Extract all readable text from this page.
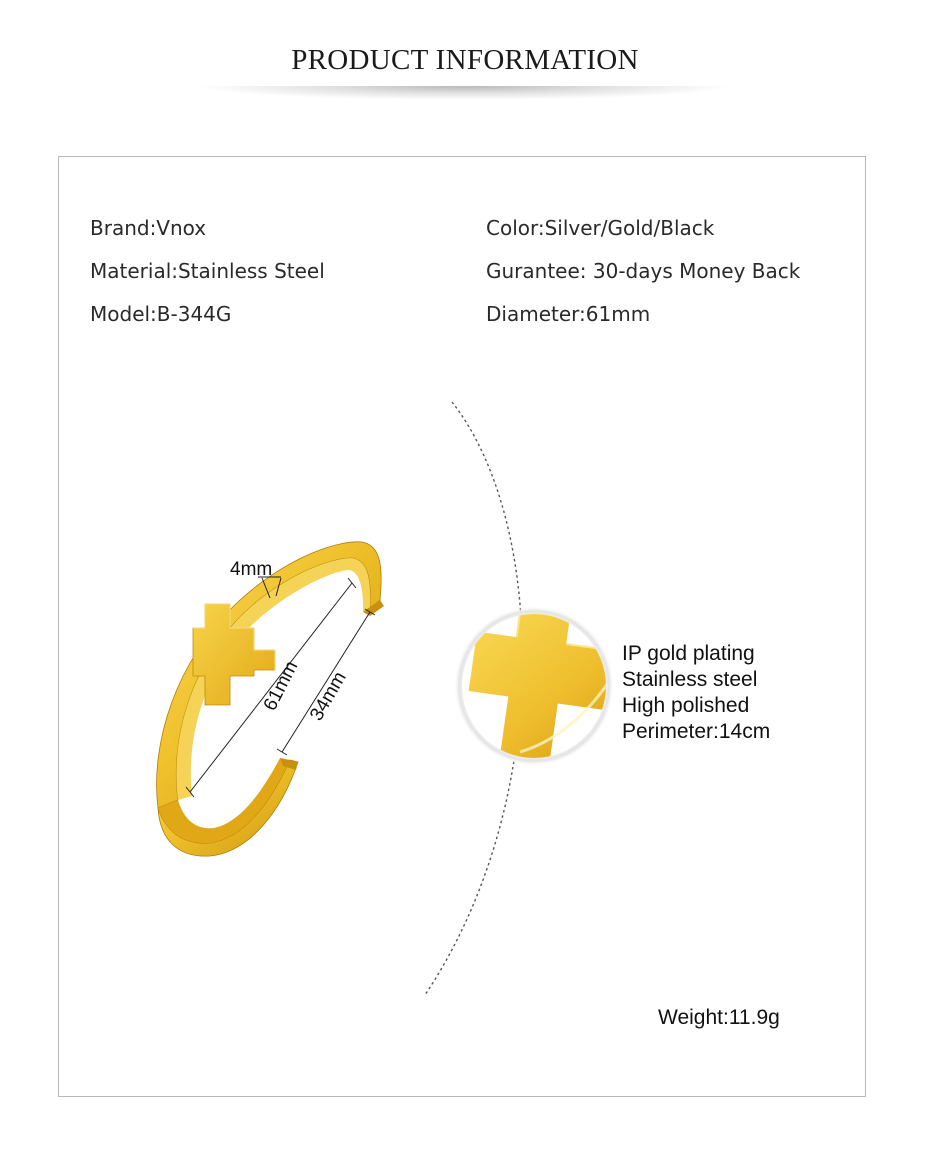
PRODUCT INFORMATION
Brand:Vnox
Material:Stainless Steel
Model:B-344G
Color:Silver/Gold/Black
Gurantee: 30-days Money Back
Diameter:61mm
4mm
61mm 34mm
IP gold plating
Stainless steel
High polished
Perimeter:14cm
Weight:11.9g
